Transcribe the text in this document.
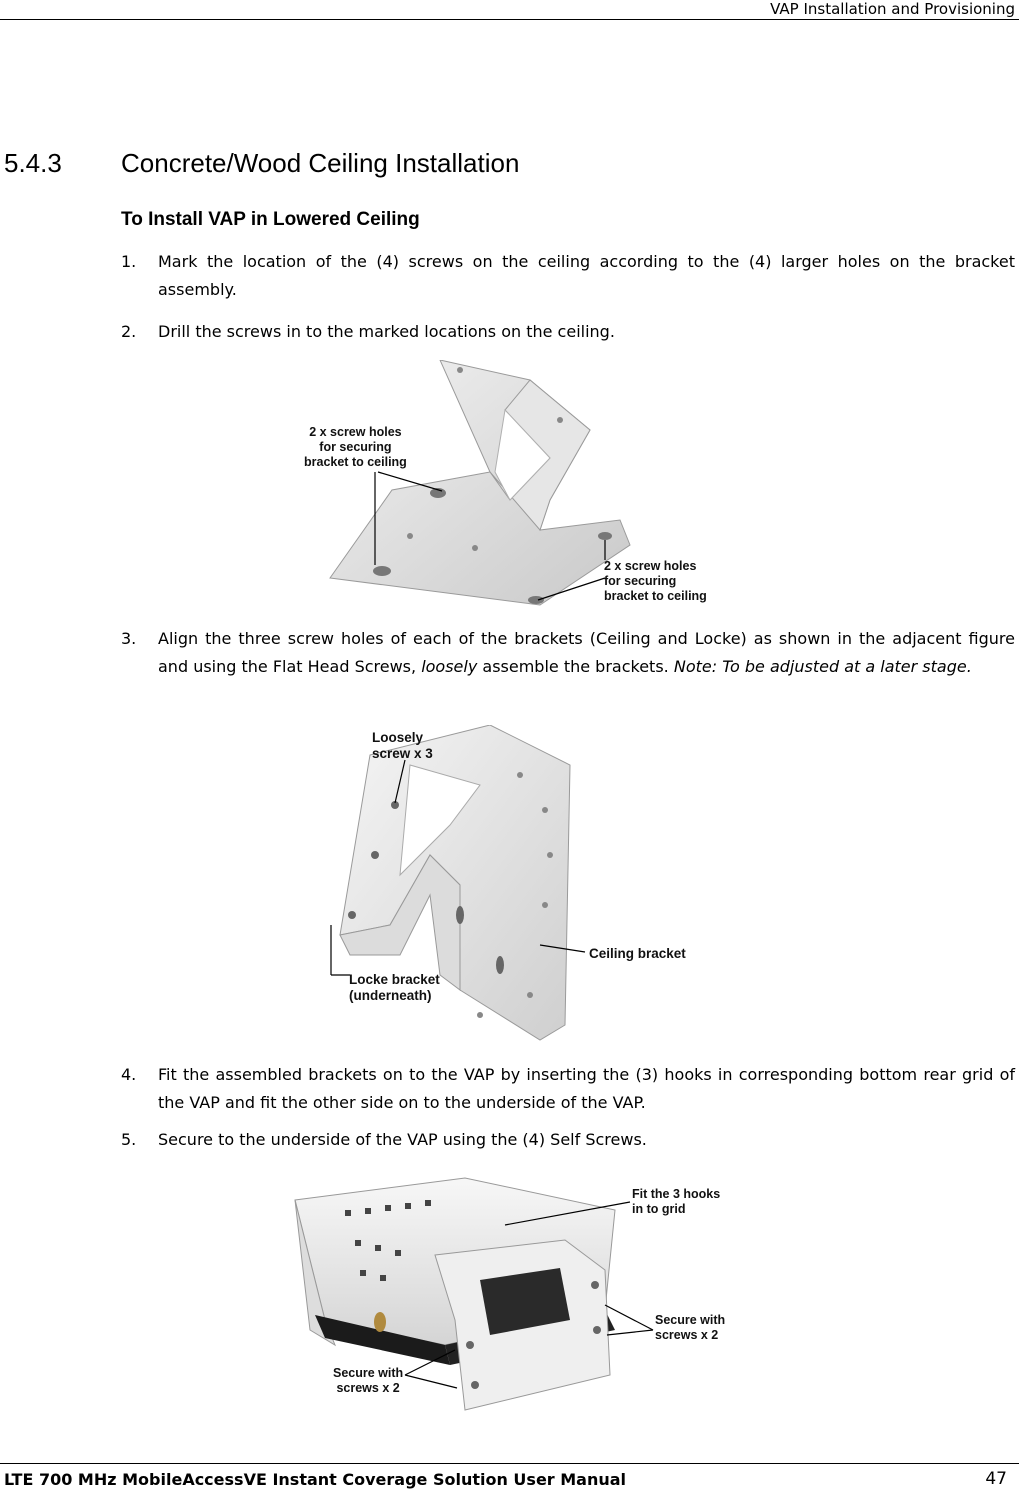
VAP Installation and Provisioning
5.4.3 Concrete/Wood Ceiling Installation
To Install VAP in Lowered Ceiling
1. Mark the location of the (4) screws on the ceiling according to the (4) larger holes on the bracket assembly.
2. Drill the screws in to the marked locations on the ceiling.
2 x screw holes
for securing
bracket to ceiling
2 x screw holes
for securing
bracket to ceiling
3. Align the three screw holes of each of the brackets (Ceiling and Locke) as shown in the adjacent figure and using the Flat Head Screws, loosely assemble the brackets. Note: To be adjusted at a later stage.
Loosely
screw x 3
Ceiling bracket
Locke bracket
(underneath)
4. Fit the assembled brackets on to the VAP by inserting the (3) hooks in corresponding bottom rear grid of the VAP and fit the other side on to the underside of the VAP.
5. Secure to the underside of the VAP using the (4) Self Screws.
Fit the 3 hooks
in to grid
Secure with
screws x 2
Secure with
screws x 2
LTE 700 MHz MobileAccessVE Instant Coverage Solution User Manual	47
